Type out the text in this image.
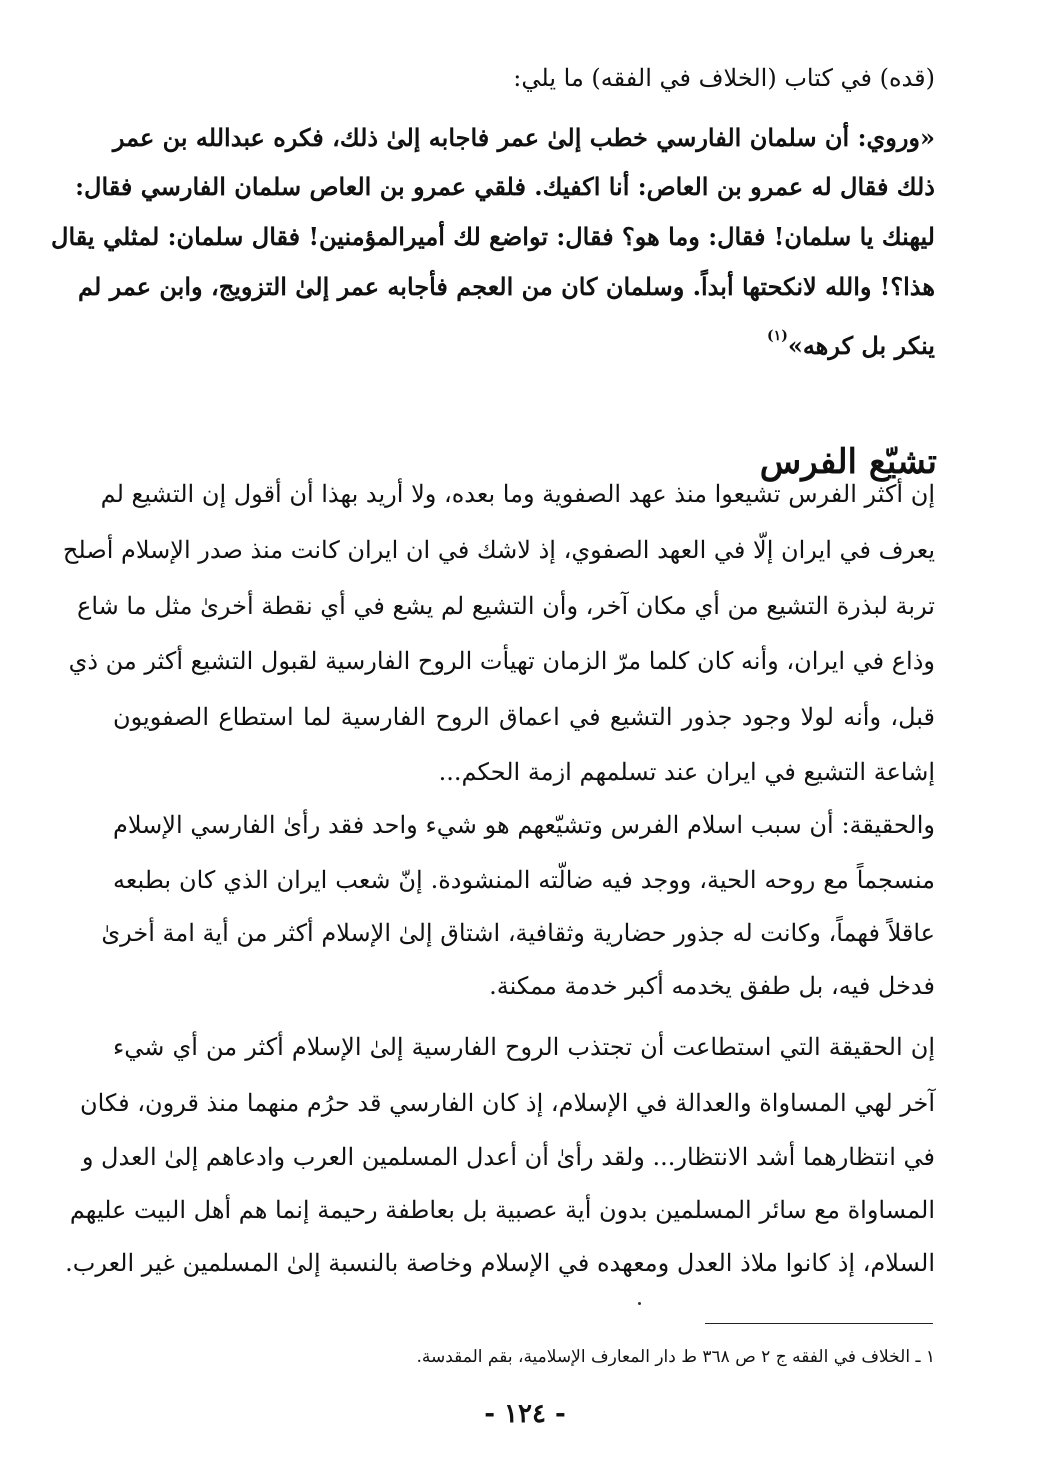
(قده) في كتاب (الخلاف في الفقه) ما يلي:
«وروي: أن سلمان الفارسي خطب إلىٰ عمر فاجابه إلىٰ ذلك، فكره عبدالله بن عمر
ذلك فقال له عمرو بن العاص: أنا اكفيك. فلقي عمرو بن العاص سلمان الفارسي فقال:
ليهنك يا سلمان! فقال: وما هو؟ فقال: تواضع لك أميرالمؤمنين! فقال سلمان: لمثلي يقال
هذا؟! والله لانكحتها أبداً. وسلمان كان من العجم فأجابه عمر إلىٰ التزويج، وابن عمر لم
ينكر بل كرهه»$^{(١)}$
تشيّع الفرس
إن أكثر الفرس تشيعوا منذ عهد الصفوية وما بعده، ولا أريد بهذا أن أقول إن التشيع لم
يعرف في ايران إلّا في العهد الصفوي، إذ لاشك في ان ايران كانت منذ صدر الإسلام أصلح
تربة لبذرة التشيع من أي مكان آخر، وأن التشيع لم يشع في أي نقطة أخرىٰ مثل ما شاع
وذاع في ايران، وأنه كان كلما مرّ الزمان تهيأت الروح الفارسية لقبول التشيع أكثر من ذي
قبل، وأنه لولا وجود جذور التشيع في اعماق الروح الفارسية لما استطاع الصفويون
إشاعة التشيع في ايران عند تسلمهم ازمة الحكم...
والحقيقة: أن سبب اسلام الفرس وتشيّعهم هو شيء واحد فقد رأىٰ الفارسي الإسلام
منسجماً مع روحه الحية، ووجد فيه ضالّته المنشودة. إنّ شعب ايران الذي كان بطبعه
عاقلاً فهماً، وكانت له جذور حضارية وثقافية، اشتاق إلىٰ الإسلام أكثر من أية امة أخرىٰ
فدخل فيه، بل طفق يخدمه أكبر خدمة ممكنة.
إن الحقيقة التي استطاعت أن تجتذب الروح الفارسية إلىٰ الإسلام أكثر من أي شيء
آخر لهي المساواة والعدالة في الإسلام، إذ كان الفارسي قد حرُم منهما منذ قرون، فكان
في انتظارهما أشد الانتظار... ولقد رأىٰ أن أعدل المسلمين العرب وادعاهم إلىٰ العدل و
المساواة مع سائر المسلمين بدون أية عصبية بل بعاطفة رحيمة إنما هم أهل البيت عليهم
السلام، إذ كانوا ملاذ العدل ومعهده في الإسلام وخاصة بالنسبة إلىٰ المسلمين غير العرب.
١ ـ الخلاف في الفقه ج ٢ ص ٣٦٨ ط دار المعارف الإسلامية، بقم المقدسة.
- ١٢٤ -
